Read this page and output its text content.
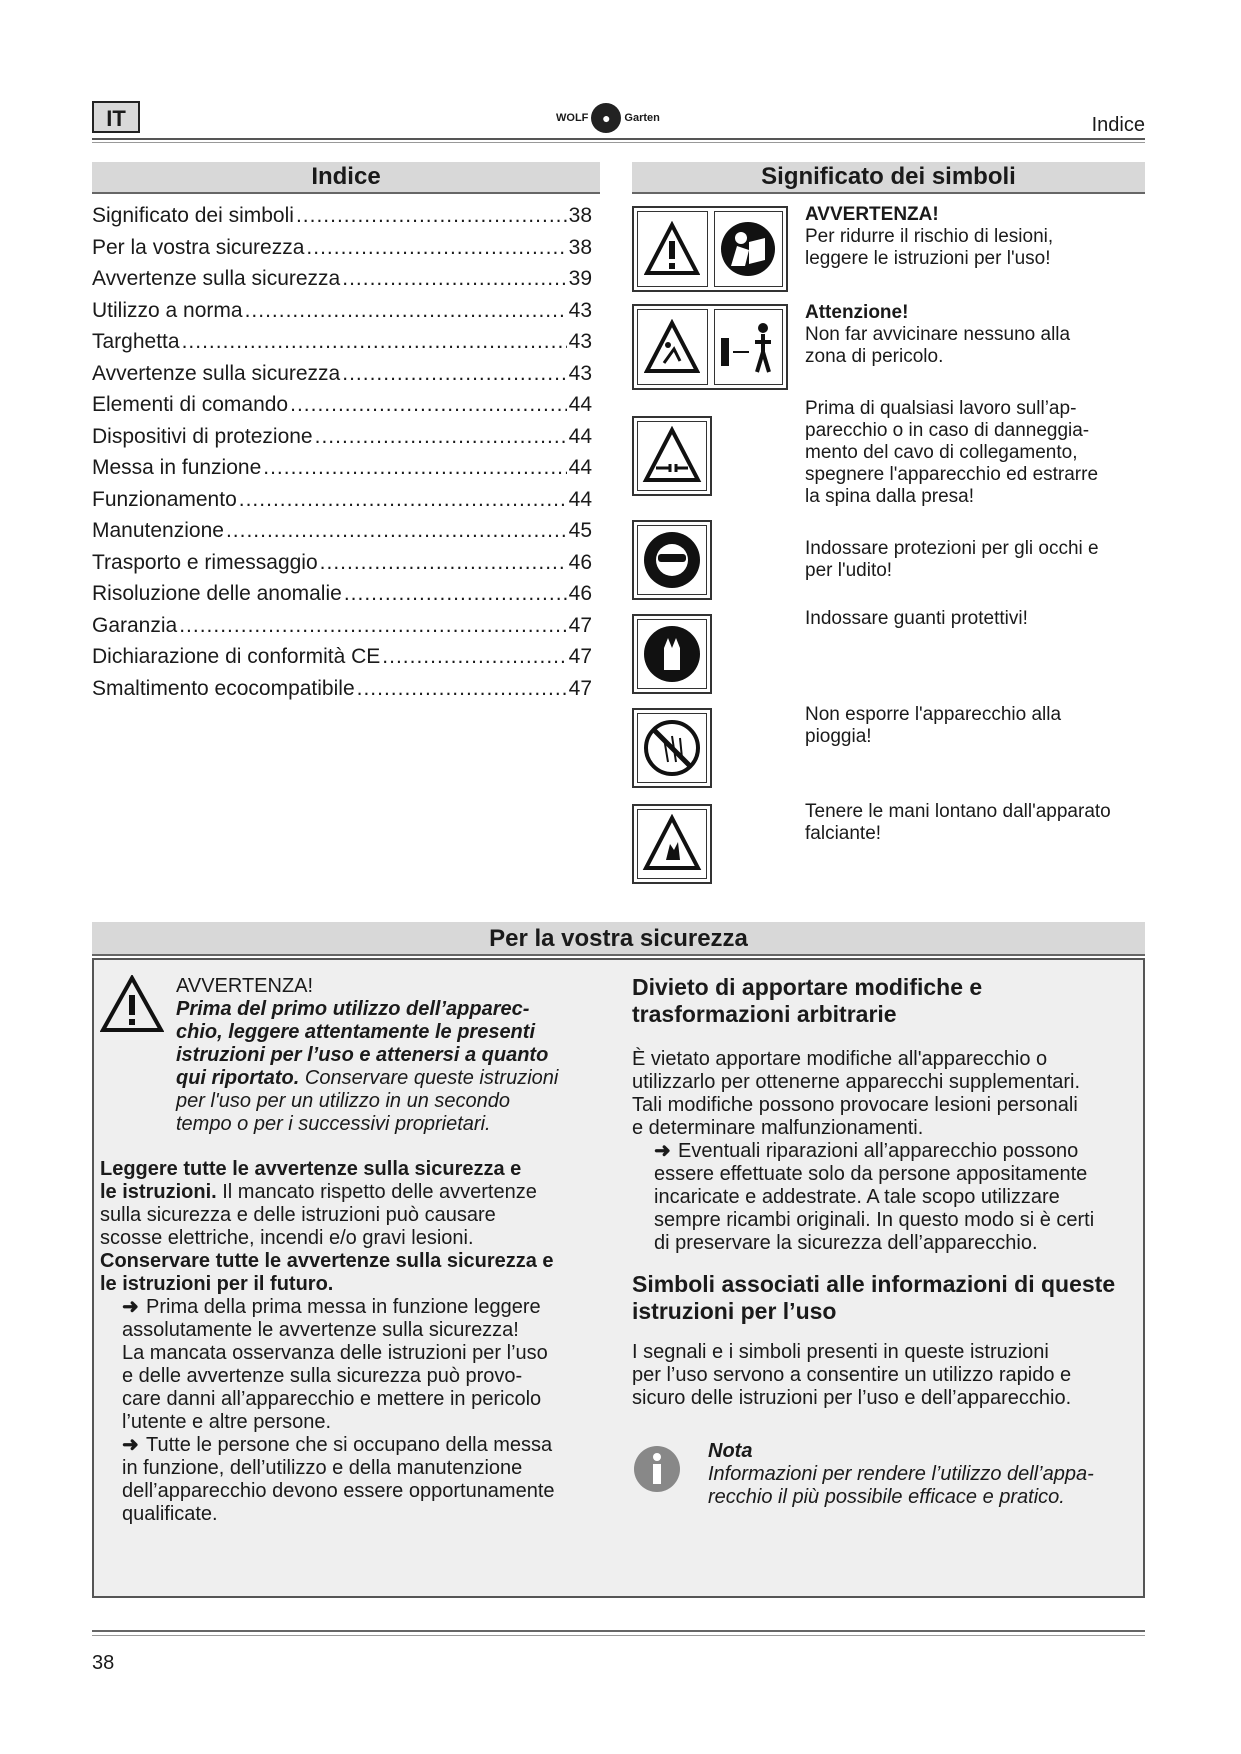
IT	WOLF ●	Garten	Indice
Indice
Significato dei simboli .....	38
Per la vostra sicurezza .....	38
Avvertenze sulla sicurezza .....	39
Utilizzo a norma .....	43
Targhetta .....	43
Avvertenze sulla sicurezza .....	43
Elementi di comando .....	44
Dispositivi di protezione .....	44
Messa in funzione .....	44
Funzionamento .....	44
Manutenzione .....	45
Trasporto e rimessaggio .....	46
Risoluzione delle anomalie .....	46
Garanzia .....	47
Dichiarazione di conformità CE .....	47
Smaltimento ecocompatibile .....	47
Significato dei simboli
AVVERTENZA!
Per ridurre il rischio di lesioni,
leggere le istruzioni per l'uso!
Attenzione!
Non far avvicinare nessuno alla
zona di pericolo.
Prima di qualsiasi lavoro sull’ap-
parecchio o in caso di danneggia-
mento del cavo di collegamento,
spegnere l'apparecchio ed estrarre
la spina dalla presa!
Indossare protezioni per gli occhi e
per l'udito!
Indossare guanti protettivi!
Non esporre l'apparecchio alla
pioggia!
Tenere le mani lontano dall'apparato
falciante!
Per la vostra sicurezza
AVVERTENZA!
Prima del primo utilizzo dell’apparec-
chio, leggere attentamente le presenti
istruzioni per l’uso e attenersi a quanto
qui riportato. Conservare queste istruzioni
per l'uso per un utilizzo in un secondo
tempo o per i successivi proprietari.
Leggere tutte le avvertenze sulla sicurezza e
le istruzioni. Il mancato rispetto delle avvertenze
sulla sicurezza e delle istruzioni può causare
scosse elettriche, incendi e/o gravi lesioni.
Conservare tutte le avvertenze sulla sicurezza e
le istruzioni per il futuro.

➜ Prima della prima messa in funzione leggere
assolutamente le avvertenze sulla sicurezza!
La mancata osservanza delle istruzioni per l’uso
e delle avvertenze sulla sicurezza può provo-
care danni all’apparecchio e mettere in pericolo
l’utente e altre persone.
➜ Tutte le persone che si occupano della messa
in funzione, dell’utilizzo e della manutenzione
dell’apparecchio devono essere opportunamente
qualificate.
Divieto di apportare modifiche e
trasformazioni arbitrarie
È vietato apportare modifiche all'apparecchio o
utilizzarlo per ottenerne apparecchi supplementari.
Tali modifiche possono provocare lesioni personali
e determinare malfunzionamenti.

➜ Eventuali riparazioni all’apparecchio possono
essere effettuate solo da persone appositamente
incaricate e addestrate. A tale scopo utilizzare
sempre ricambi originali. In questo modo si è certi
di preservare la sicurezza dell’apparecchio.
Simboli associati alle informazioni di queste
istruzioni per l’uso
I segnali e i simboli presenti in queste istruzioni
per l’uso servono a consentire un utilizzo rapido e
sicuro delle istruzioni per l’uso e dell’apparecchio.
Nota
Informazioni per rendere l’utilizzo dell’appa-
recchio il più possibile efficace e pratico.
38
